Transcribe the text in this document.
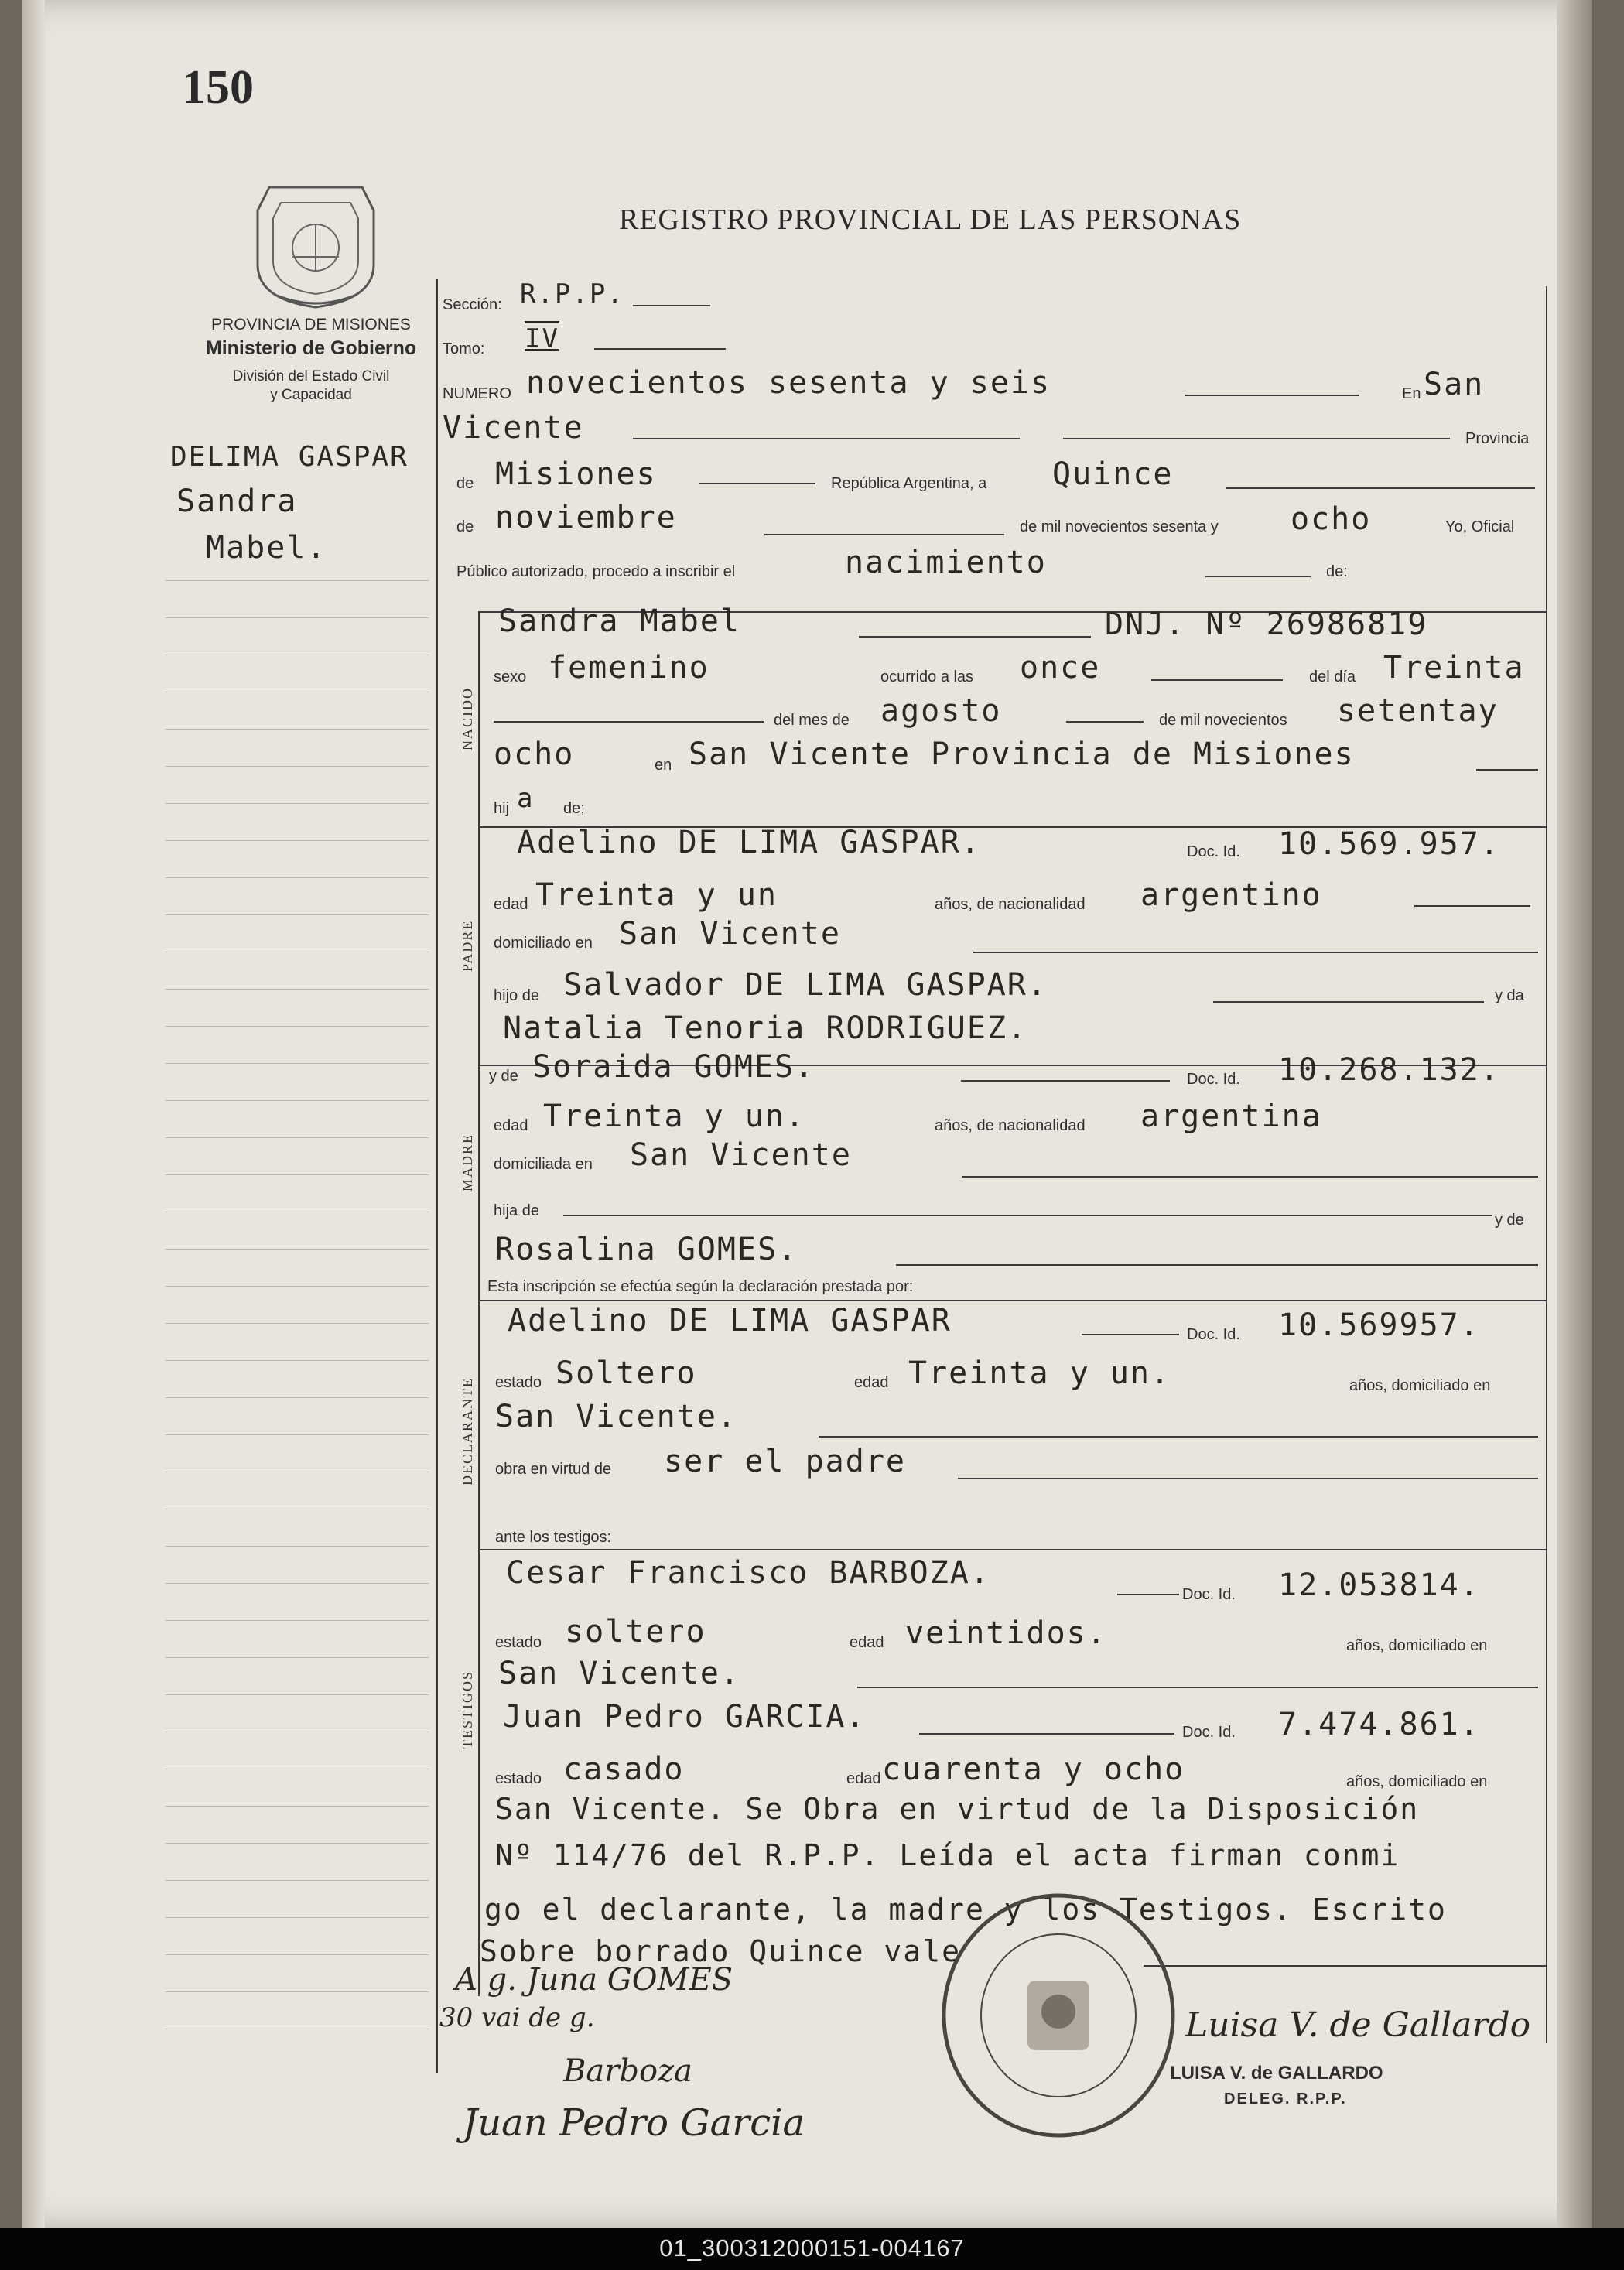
150
REGISTRO PROVINCIAL DE LAS PERSONAS
PROVINCIA DE MISIONES
Ministerio de Gobierno
División del Estado Civil
y Capacidad
DELIMA GASPAR
Sandra
Mabel.
Sección: R.P.P.
Tomo: IV
NUMERO novecientos sesenta y seis	En San
Vicente	Provincia
de Misiones	República Argentina, a Quince
de noviembre	de mil novecientos sesenta y ocho	Yo, Oficial
Público autorizado, procedo a inscribir el	nacimiento	de:
NACIDO
Sandra Mabel	DNJ. Nº 26986819
sexo femenino	ocurrido a las once	del día Treinta
del mes de agosto	de mil novecientos setentay
ocho	en San Vicente Provincia de Misiones
hij a de;
PADRE
Adelino DE LIMA GASPAR.	Doc. Id. 10.569.957.
edad Treinta y un	años, de nacionalidad argentino
domiciliado en San Vicente
hijo de Salvador DE LIMA GASPAR.	y da
Natalia Tenoria RODRIGUEZ.
MADRE
y de Soraida GOMES.	Doc. Id. 10.268.132.
edad Treinta y un.	años, de nacionalidad argentina
domiciliada en San Vicente
hija de
y de
Rosalina GOMES.
Esta inscripción se efectúa según la declaración prestada por:
DECLARANTE
Adelino DE LIMA GASPAR	Doc. Id. 10.569957.
estado Soltero	edad Treinta y un.	años, domiciliado en
San Vicente.
obra en virtud de ser el padre
ante los testigos:
TESTIGOS
Cesar Francisco BARBOZA.
Doc. Id. 12.053814.
estado soltero	edad veintidos.	años, domiciliado en
San Vicente.
Juan Pedro GARCIA.	Doc. Id. 7.474.861.
estado casado	edad cuarenta y ocho	años, domiciliado en
San Vicente. Se Obra en virtud de la Disposición
Nº 114/76 del R.P.P. Leída el acta firman conmi
go el declarante, la madre y los Testigos. Escrito
Sobre borrado Quince vale
A g. Juna GOMES
30 vai de g.
Barboza
Juan Pedro Garcia
Luisa V. de Gallardo
LUISA V. de GALLARDO
DELEG. R.P.P.
01_300312000151-004167
